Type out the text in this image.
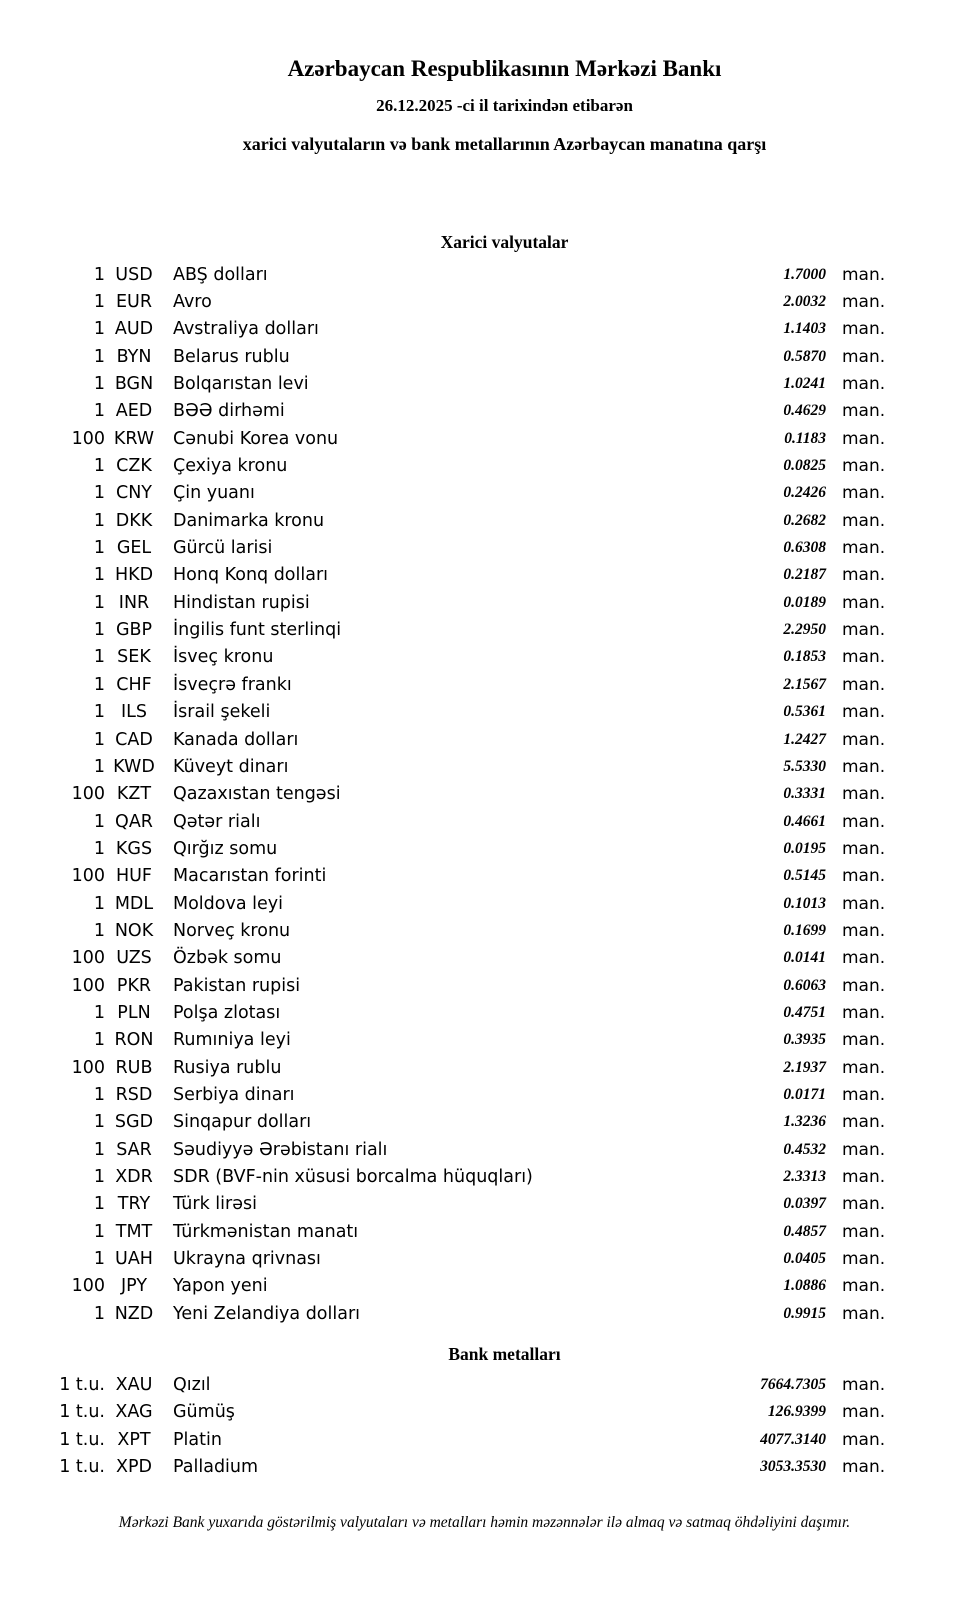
Azərbaycan Respublikasının Mərkəzi Bankı
26.12.2025 -ci il tarixindən etibarən
xarici valyutaların və bank metallarının Azərbaycan manatına qarşı
Xarici valyutalar
1 USD	ABŞ dolları	1.7000 man.
1 EUR	Avro	2.0032 man.
1 AUD	Avstraliya dolları	1.1403 man.
1 BYN	Belarus rublu	0.5870 man.
1 BGN	Bolqarıstan levi	1.0241 man.
1 AED	BƏƏ dirhəmi	0.4629 man.
100 KRW	Cənubi Korea vonu	0.1183 man.
1 CZK	Çexiya kronu	0.0825 man.
1 CNY	Çin yuanı	0.2426 man.
1 DKK	Danimarka kronu	0.2682 man.
1 GEL	Gürcü larisi	0.6308 man.
1 HKD	Honq Konq dolları	0.2187 man.
1 INR	Hindistan rupisi	0.0189 man.
1 GBP	İngilis funt sterlinqi	2.2950 man.
1 SEK	İsveç kronu	0.1853 man.
1 CHF	İsveçrə frankı	2.1567 man.
1 ILS	İsrail şekeli	0.5361 man.
1 CAD	Kanada dolları	1.2427 man.
1 KWD	Küveyt dinarı	5.5330 man.
100 KZT	Qazaxıstan tengəsi	0.3331 man.
1 QAR	Qətər rialı	0.4661 man.
1 KGS	Qırğız somu	0.0195 man.
100 HUF	Macarıstan forinti	0.5145 man.
1 MDL	Moldova leyi	0.1013 man.
1 NOK	Norveç kronu	0.1699 man.
100 UZS	Özbək somu	0.0141 man.
100 PKR	Pakistan rupisi	0.6063 man.
1 PLN	Polşa zlotası	0.4751 man.
1 RON	Rumıniya leyi	0.3935 man.
100 RUB	Rusiya rublu	2.1937 man.
1 RSD	Serbiya dinarı	0.0171 man.
1 SGD	Sinqapur dolları	1.3236 man.
1 SAR	Səudiyyə Ərəbistanı rialı	0.4532 man.
1 XDR	SDR (BVF-nin xüsusi borcalma hüquqları)	2.3313 man.
1 TRY	Türk lirəsi	0.0397 man.
1 TMT	Türkmənistan manatı	0.4857 man.
1 UAH	Ukrayna qrivnası	0.0405 man.
100 JPY	Yapon yeni	1.0886 man.
1 NZD	Yeni Zelandiya dolları	0.9915 man.
Bank metalları
1 t.u. XAU	Qızıl	7664.7305 man.
1 t.u. XAG	Gümüş	126.9399 man.
1 t.u. XPT	Platin	4077.3140 man.
1 t.u. XPD	Palladium	3053.3530 man.
Mərkəzi Bank yuxarıda göstərilmiş valyutaları və metalları həmin məzənnələr ilə almaq və satmaq öhdəliyini daşımır.
